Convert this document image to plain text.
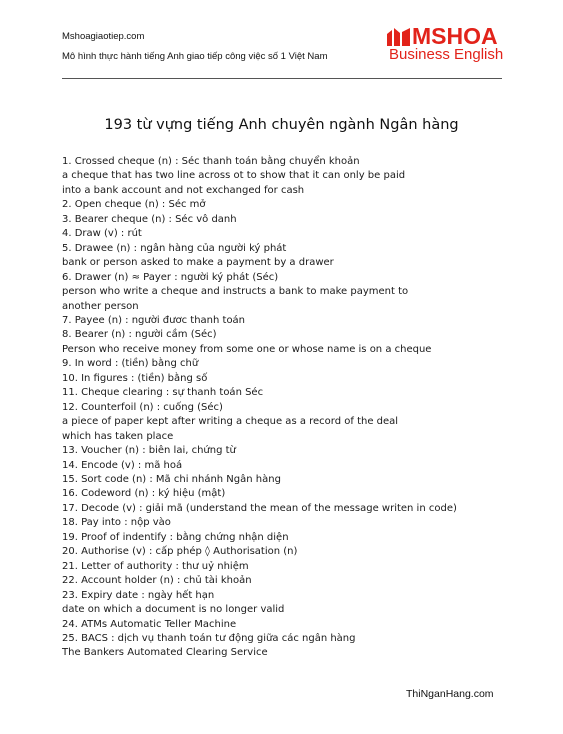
Mshoagiaotiep.com
Mô hình thực hành tiếng Anh giao tiếp công việc số 1 Việt Nam
MSHOA
Business English
193 từ vựng tiếng Anh chuyên ngành Ngân hàng
1. Crossed cheque (n) : Séc thanh toán bằng chuyển khoản
a cheque that has two line across ot to show that it can only be paid
into a bank account and not exchanged for cash
2. Open cheque (n) : Séc mở
3. Bearer cheque (n) : Séc vô danh
4. Draw (v) : rút
5. Drawee (n) : ngân hàng của người ký phát
bank or person asked to make a payment by a drawer
6. Drawer (n) ≈ Payer : người ký phát (Séc)
person who write a cheque and instructs a bank to make payment to
another person
7. Payee (n) : người đươc thanh toán
8. Bearer (n) : người cầm (Séc)
Person who receive money from some one or whose name is on a cheque
9. In word : (tiền) bằng chữ
10. In figures : (tiền) bằng số
11. Cheque clearing : sự thanh toán Séc
12. Counterfoil (n) : cuống (Séc)
a piece of paper kept after writing a cheque as a record of the deal
which has taken place
13. Voucher (n) : biên lai, chứng từ
14. Encode (v) : mã hoá
15. Sort code (n) : Mã chi nhánh Ngân hàng
16. Codeword (n) : ký hiệu (mật)
17. Decode (v) : giải mã (understand the mean of the message writen in code)
18. Pay into : nộp vào
19. Proof of indentify : bằng chứng nhận diện
20. Authorise (v) : cấp phép ◊ Authorisation (n)
21. Letter of authority : thư uỷ nhiệm
22. Account holder (n) : chủ tài khoản
23. Expiry date : ngày hết hạn
date on which a document is no longer valid
24. ATMs Automatic Teller Machine
25. BACS : dịch vụ thanh toán tư động giữa các ngân hàng
The Bankers Automated Clearing Service
ThiNganHang.com
